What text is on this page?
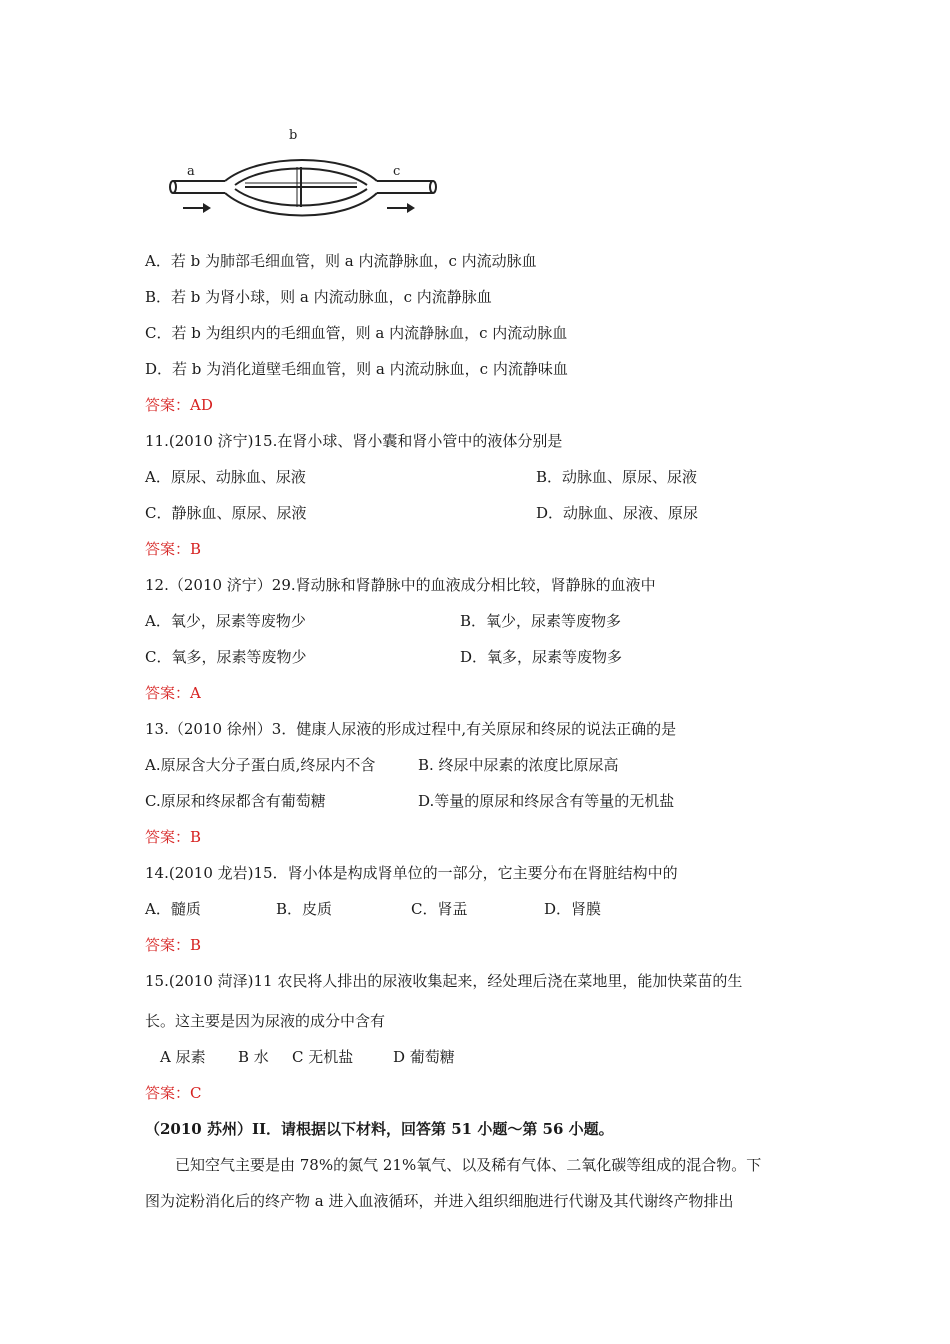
a
b
c
A．若 b 为肺部毛细血管，则 a 内流静脉血，c 内流动脉血
B．若 b 为肾小球，则 a 内流动脉血，c 内流静脉血
C．若 b 为组织内的毛细血管，则 a 内流静脉血，c 内流动脉血
D．若 b 为消化道壁毛细血管，则 a 内流动脉血，c 内流静味血
答案：AD
11.(2010 济宁)15.在肾小球、肾小囊和肾小管中的液体分别是
A．原尿、动脉血、尿液	B．动脉血、原尿、尿液
C．静脉血、原尿、尿液	D．动脉血、尿液、原尿
答案：B
12.（2010 济宁）29.肾动脉和肾静脉中的血液成分相比较，肾静脉的血液中
A．氧少，尿素等废物少	B．氧少，尿素等废物多
C．氧多，尿素等废物少	D．氧多，尿素等废物多
答案：A
13.（2010 徐州）3．健康人尿液的形成过程中,有关原尿和终尿的说法正确的是
A.原尿含大分子蛋白质,终尿内不含	B. 终尿中尿素的浓度比原尿高
C.原尿和终尿都含有葡萄糖	D.等量的原尿和终尿含有等量的无机盐
答案：B
14.(2010 龙岩)15．肾小体是构成肾单位的一部分，它主要分布在肾脏结构中的
A．髓质	B．皮质	C．肾盂	D．肾膜
答案：B
15.(2010 菏泽)11 农民将人排出的尿液收集起来，经处理后浇在菜地里，能加快菜苗的生
长。这主要是因为尿液的成分中含有
A 尿素 B 水 C 无机盐	D 葡萄糖
答案：C
（2010 苏州）II．请根据以下材料，回答第 51 小题～第 56 小题。
已知空气主要是由 78%的氮气 21%氧气、以及稀有气体、二氧化碳等组成的混合物。下
图为淀粉消化后的终产物 a 进入血液循环，并进入组织细胞进行代谢及其代谢终产物排出
